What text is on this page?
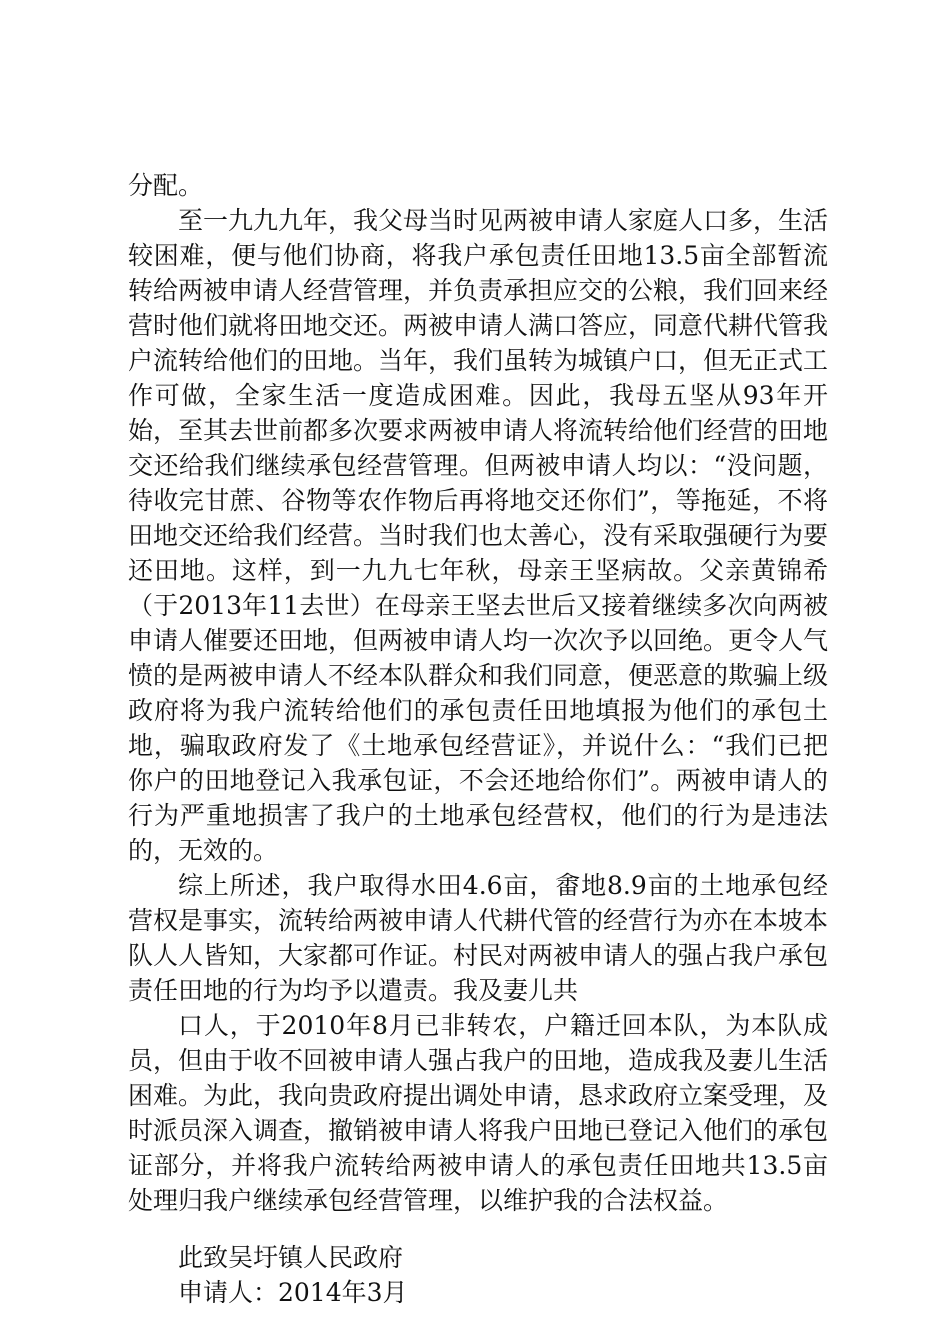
分配。

至一九九九年，我父母当时见两被申请人家庭人口多，生活较困难，便与他们协商，将我户承包责任田地13.5亩全部暂流转给两被申请人经营管理，并负责承担应交的公粮，我们回来经营时他们就将田地交还。两被申请人满口答应，同意代耕代管我户流转给他们的田地。当年，我们虽转为城镇户口，但无正式工作可做，全家生活一度造成困难。因此，我母五坚从93年开始，至其去世前都多次要求两被申请人将流转给他们经营的田地交还给我们继续承包经营管理。但两被申请人均以：“没问题，待收完甘蔗、谷物等农作物后再将地交还你们”，等拖延，不将田地交还给我们经营。当时我们也太善心，没有采取强硬行为要还田地。这样，到一九九七年秋，母亲王坚病故。父亲黄锦希（于2013年11去世）在母亲王坚去世后又接着继续多次向两被申请人催要还田地，但两被申请人均一次次予以回绝。更令人气愤的是两被申请人不经本队群众和我们同意，便恶意的欺骗上级政府将为我户流转给他们的承包责任田地填报为他们的承包土地，骗取政府发了《土地承包经营证》，并说什么：“我们已把你户的田地登记入我承包证，不会还地给你们”。两被申请人的行为严重地损害了我户的土地承包经营权，他们的行为是违法的，无效的。

综上所述，我户取得水田4.6亩，畬地8.9亩的土地承包经营权是事实，流转给两被申请人代耕代管的经营行为亦在本坡本队人人皆知，大家都可作证。村民对两被申请人的强占我户承包责任田地的行为均予以遣责。我及妻儿共

口人，于2010年8月已非转农，户籍迁回本队，为本队成员，但由于收不回被申请人强占我户的田地，造成我及妻儿生活困难。为此，我向贵政府提出调处申请，恳求政府立案受理，及时派员深入调查，撤销被申请人将我户田地已登记入他们的承包证部分，并将我户流转给两被申请人的承包责任田地共13.5亩处理归我户继续承包经营管理，以维护我的合法权益。

此致吴圩镇人民政府

申请人：2014年3月
